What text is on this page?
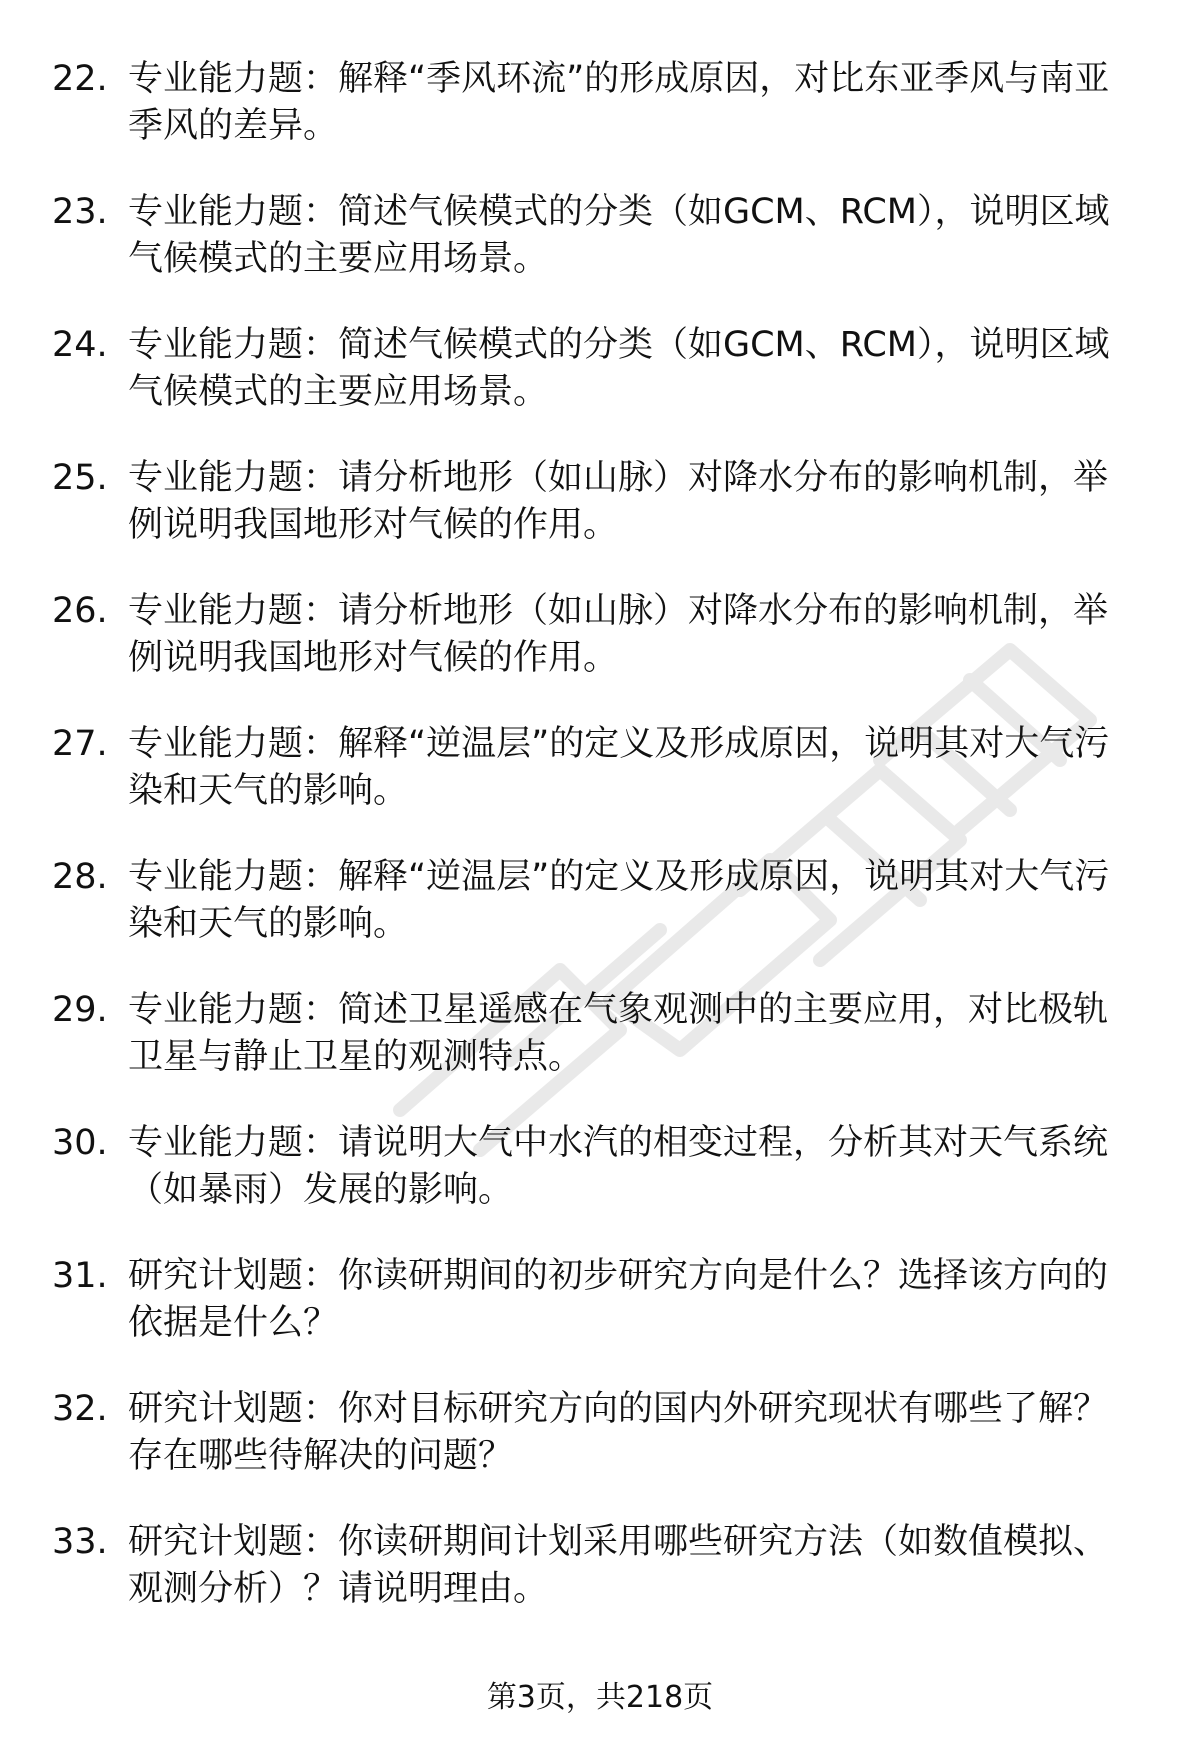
22. 专业能力题：解释“季风环流”的形成原因，对比东亚季风与南亚季风的差异。
23. 专业能力题：简述气候模式的分类（如GCM、RCM），说明区域气候模式的主要应用场景。
24. 专业能力题：简述气候模式的分类（如GCM、RCM），说明区域气候模式的主要应用场景。
25. 专业能力题：请分析地形（如山脉）对降水分布的影响机制，举例说明我国地形对气候的作用。
26. 专业能力题：请分析地形（如山脉）对降水分布的影响机制，举例说明我国地形对气候的作用。
27. 专业能力题：解释“逆温层”的定义及形成原因，说明其对大气污染和天气的影响。
28. 专业能力题：解释“逆温层”的定义及形成原因，说明其对大气污染和天气的影响。
29. 专业能力题：简述卫星遥感在气象观测中的主要应用，对比极轨卫星与静止卫星的观测特点。
30. 专业能力题：请说明大气中水汽的相变过程，分析其对天气系统（如暴雨）发展的影响。
31. 研究计划题：你读研期间的初步研究方向是什么？选择该方向的依据是什么？
32. 研究计划题：你对目标研究方向的国内外研究现状有哪些了解？存在哪些待解决的问题？
33. 研究计划题：你读研期间计划采用哪些研究方法（如数值模拟、观测分析）？请说明理由。
第3页，共218页
